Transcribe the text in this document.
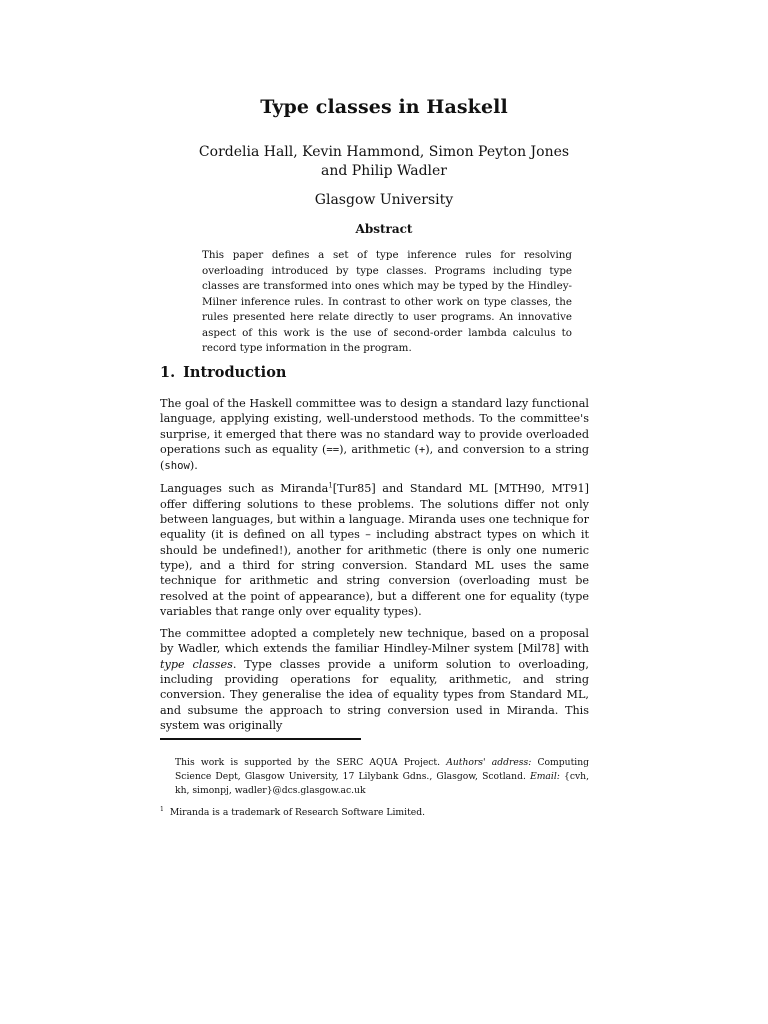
Type classes in Haskell
Cordelia Hall, Kevin Hammond, Simon Peyton Jones
and Philip Wadler
Glasgow University
Abstract
This paper defines a set of type inference rules for resolving overloading introduced by type classes. Programs including type classes are transformed into ones which may be typed by the Hindley-Milner inference rules. In contrast to other work on type classes, the rules presented here relate directly to user programs. An innovative aspect of this work is the use of second-order lambda calculus to record type information in the program.
1. Introduction

The goal of the Haskell committee was to design a standard lazy functional language, applying existing, well-understood methods. To the committee's surprise, it emerged that there was no standard way to provide overloaded operations such as equality (==), arithmetic (+), and conversion to a string (show).

Languages such as Miranda$^1$[Tur85] and Standard ML [MTH90, MT91] offer differing solutions to these problems. The solutions differ not only between languages, but within a language. Miranda uses one technique for equality (it is defined on all types – including abstract types on which it should be undefined!), another for arithmetic (there is only one numeric type), and a third for string conversion. Standard ML uses the same technique for arithmetic and string conversion (overloading must be resolved at the point of appearance), but a different one for equality (type variables that range only over equality types).

The committee adopted a completely new technique, based on a proposal by Wadler, which extends the familiar Hindley-Milner system [Mil78] with type classes. Type classes provide a uniform solution to overloading, including providing operations for equality, arithmetic, and string conversion. They generalise the idea of equality types from Standard ML, and subsume the approach to string conversion used in Miranda. This system was originally

This work is supported by the SERC AQUA Project. Authors' address: Computing Science Dept, Glasgow University, 17 Lilybank Gdns., Glasgow, Scotland. Email: {cvh, kh, simonpj, wadler}@dcs.glasgow.ac.uk
$^1$ Miranda is a trademark of Research Software Limited.
